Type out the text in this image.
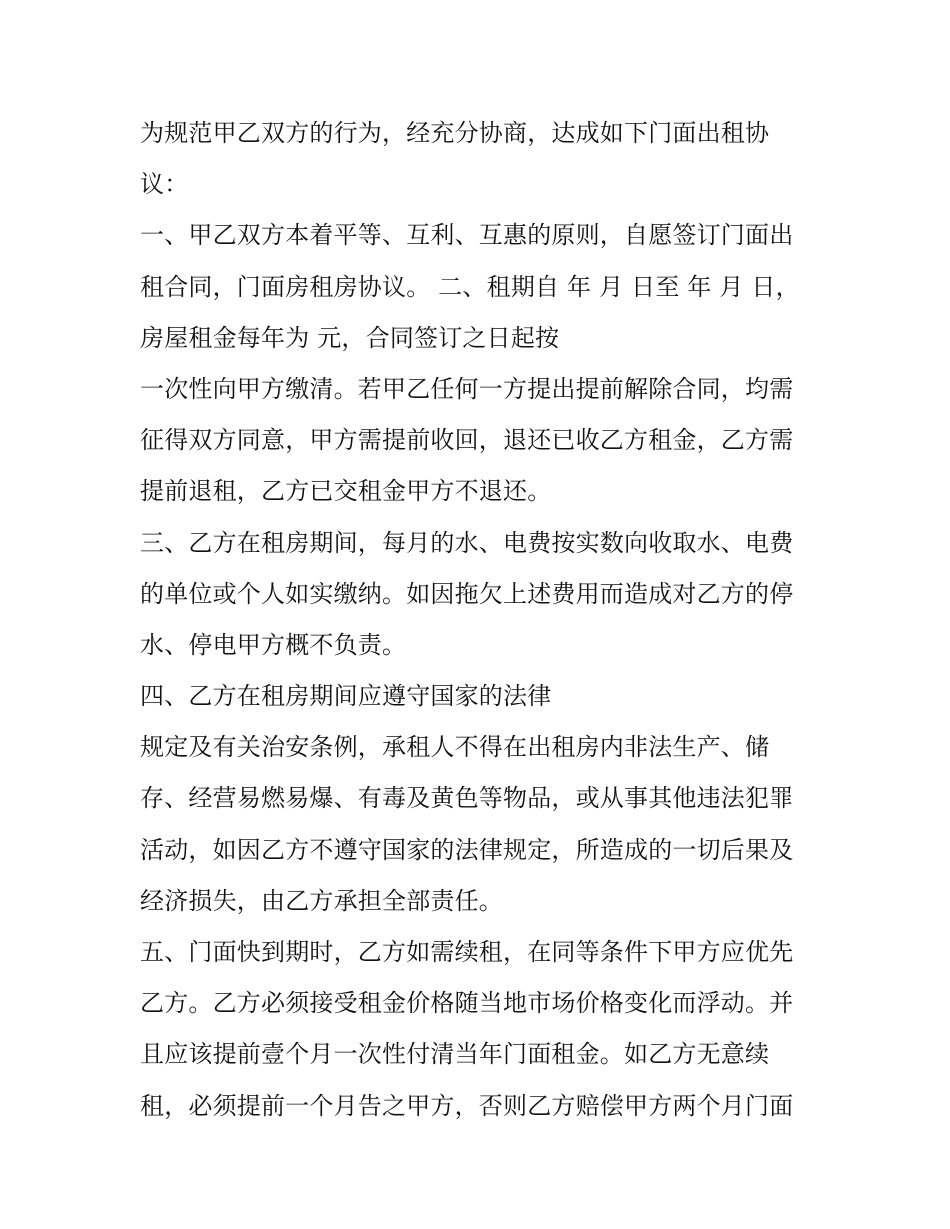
为规范甲乙双方的行为，经充分协商，达成如下门面出租协
议：
一、甲乙双方本着平等、互利、互惠的原则，自愿签订门面出
租合同，门面房租房协议。 二、租期自 年 月 日至 年 月 日，
房屋租金每年为 元，合同签订之日起按
一次性向甲方缴清。若甲乙任何一方提出提前解除合同，均需
征得双方同意，甲方需提前收回，退还已收乙方租金，乙方需
提前退租，乙方已交租金甲方不退还。
三、乙方在租房期间，每月的水、电费按实数向收取水、电费
的单位或个人如实缴纳。如因拖欠上述费用而造成对乙方的停
水、停电甲方概不负责。
四、乙方在租房期间应遵守国家的法律
规定及有关治安条例，承租人不得在出租房内非法生产、储
存、经营易燃易爆、有毒及黄色等物品，或从事其他违法犯罪
活动，如因乙方不遵守国家的法律规定，所造成的一切后果及
经济损失，由乙方承担全部责任。
五、门面快到期时，乙方如需续租，在同等条件下甲方应优先
乙方。乙方必须接受租金价格随当地市场价格变化而浮动。并
且应该提前壹个月一次性付清当年门面租金。如乙方无意续
租，必须提前一个月告之甲方，否则乙方赔偿甲方两个月门面
